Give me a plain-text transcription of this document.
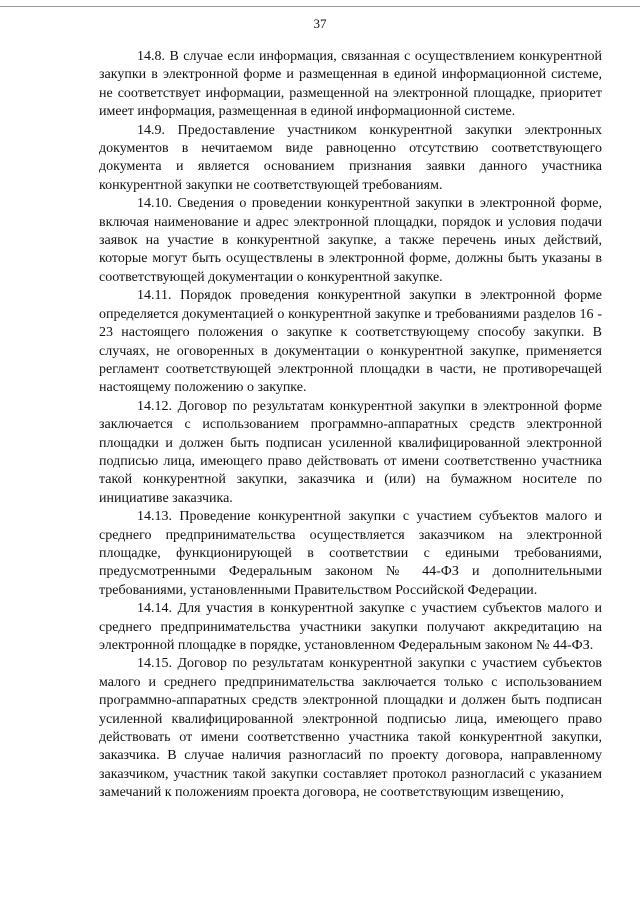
37

14.8. В случае если информация, связанная с осуществлением конкурентной закупки в электронной форме и размещенная в единой информационной системе, не соответствует информации, размещенной на электронной площадке, приоритет имеет информация, размещенная в единой информационной системе.

14.9. Предоставление участником конкурентной закупки электронных документов в нечитаемом виде равноценно отсутствию соответствующего документа и является основанием признания заявки данного участника конкурентной закупки не соответствующей требованиям.

14.10. Сведения о проведении конкурентной закупки в электронной форме, включая наименование и адрес электронной площадки, порядок и условия подачи заявок на участие в конкурентной закупке, а также перечень иных действий, которые могут быть осуществлены в электронной форме, должны быть указаны в соответствующей документации о конкурентной закупке.

14.11. Порядок проведения конкурентной закупки в электронной форме определяется документацией о конкурентной закупке и требованиями разделов 16 - 23 настоящего положения о закупке к соответствующему способу закупки. В случаях, не оговоренных в документации о конкурентной закупке, применяется регламент соответствующей электронной площадки в части, не противоречащей настоящему положению о закупке.

14.12. Договор по результатам конкурентной закупки в электронной форме заключается с использованием программно-аппаратных средств электронной площадки и должен быть подписан усиленной квалифицированной электронной подписью лица, имеющего право действовать от имени соответственно участника такой конкурентной закупки, заказчика и (или) на бумажном носителе по инициативе заказчика.

14.13. Проведение конкурентной закупки с участием субъектов малого и среднего предпринимательства осуществляется заказчиком на электронной площадке, функционирующей в соответствии с едиными требованиями, предусмотренными Федеральным законом № 44-ФЗ и дополнительными требованиями, установленными Правительством Российской Федерации.

14.14. Для участия в конкурентной закупке с участием субъектов малого и среднего предпринимательства участники закупки получают аккредитацию на электронной площадке в порядке, установленном Федеральным законом № 44-ФЗ.

14.15. Договор по результатам конкурентной закупки с участием субъектов малого и среднего предпринимательства заключается только с использованием программно-аппаратных средств электронной площадки и должен быть подписан усиленной квалифицированной электронной подписью лица, имеющего право действовать от имени соответственно участника такой конкурентной закупки, заказчика. В случае наличия разногласий по проекту договора, направленному заказчиком, участник такой закупки составляет протокол разногласий с указанием замечаний к положениям проекта договора, не соответствующим извещению,
